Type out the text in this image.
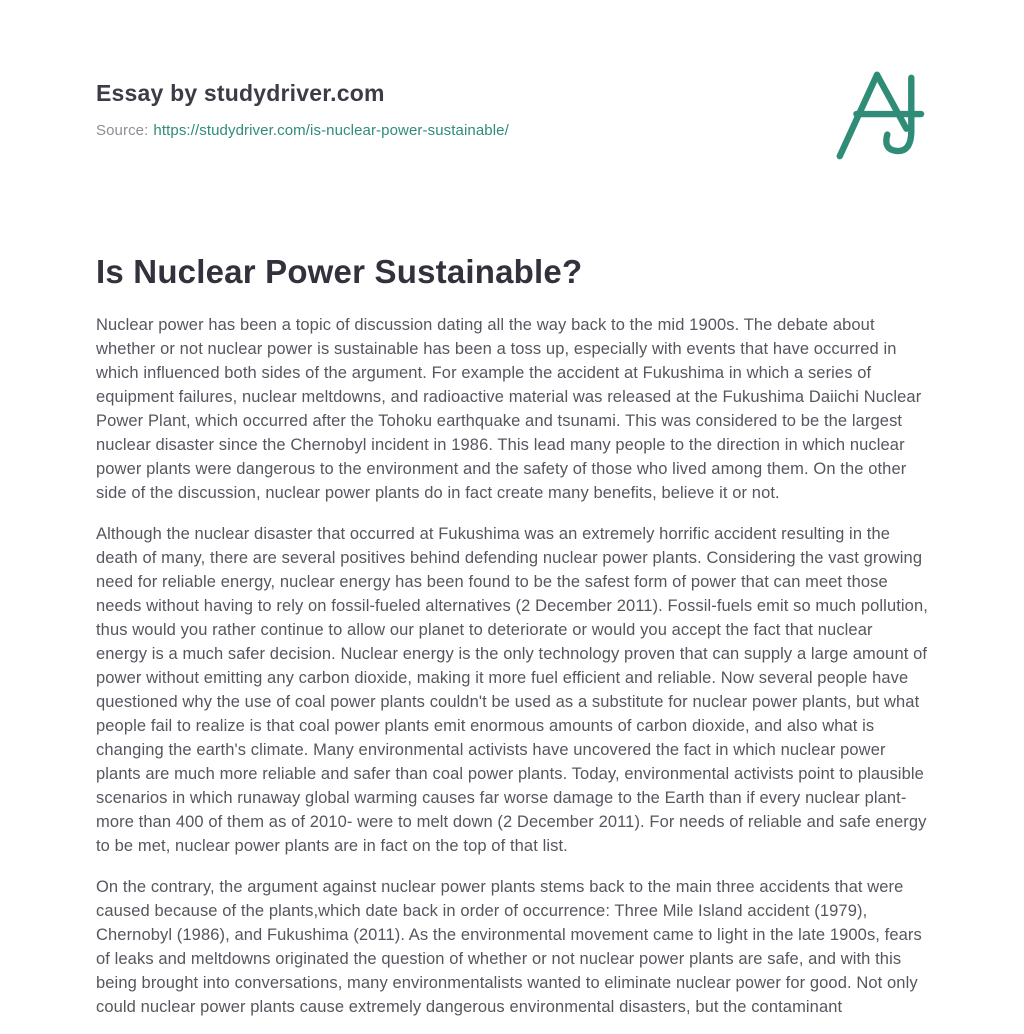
Essay by studydriver.com
Source: https://studydriver.com/is-nuclear-power-sustainable/
Is Nuclear Power Sustainable?

Nuclear power has been a topic of discussion dating all the way back to the mid 1900s. The debate about whether or not nuclear power is sustainable has been a toss up, especially with events that have occurred in which influenced both sides of the argument. For example the accident at Fukushima in which a series of equipment failures, nuclear meltdowns, and radioactive material was released at the Fukushima Daiichi Nuclear Power Plant, which occurred after the Tohoku earthquake and tsunami. This was considered to be the largest nuclear disaster since the Chernobyl incident in 1986. This lead many people to the direction in which nuclear power plants were dangerous to the environment and the safety of those who lived among them. On the other side of the discussion, nuclear power plants do in fact create many benefits, believe it or not.

Although the nuclear disaster that occurred at Fukushima was an extremely horrific accident resulting in the death of many, there are several positives behind defending nuclear power plants. Considering the vast growing need for reliable energy, nuclear energy has been found to be the safest form of power that can meet those needs without having to rely on fossil-fueled alternatives (2 December 2011). Fossil-fuels emit so much pollution, thus would you rather continue to allow our planet to deteriorate or would you accept the fact that nuclear energy is a much safer decision. Nuclear energy is the only technology proven that can supply a large amount of power without emitting any carbon dioxide, making it more fuel efficient and reliable. Now several people have questioned why the use of coal power plants couldn't be used as a substitute for nuclear power plants, but what people fail to realize is that coal power plants emit enormous amounts of carbon dioxide, and also what is changing the earth's climate. Many environmental activists have uncovered the fact in which nuclear power plants are much more reliable and safer than coal power plants. Today, environmental activists point to plausible scenarios in which runaway global warming causes far worse damage to the Earth than if every nuclear plant- more than 400 of them as of 2010- were to melt down (2 December 2011). For needs of reliable and safe energy to be met, nuclear power plants are in fact on the top of that list.

On the contrary, the argument against nuclear power plants stems back to the main three accidents that were caused because of the plants,which date back in order of occurrence: Three Mile Island accident (1979), Chernobyl (1986), and Fukushima (2011). As the environmental movement came to light in the late 1900s, fears of leaks and meltdowns originated the question of whether or not nuclear power plants are safe, and with this being brought into conversations, many environmentalists wanted to eliminate nuclear power for good. Not only could nuclear power plants cause extremely dangerous environmental disasters, but the contaminant
